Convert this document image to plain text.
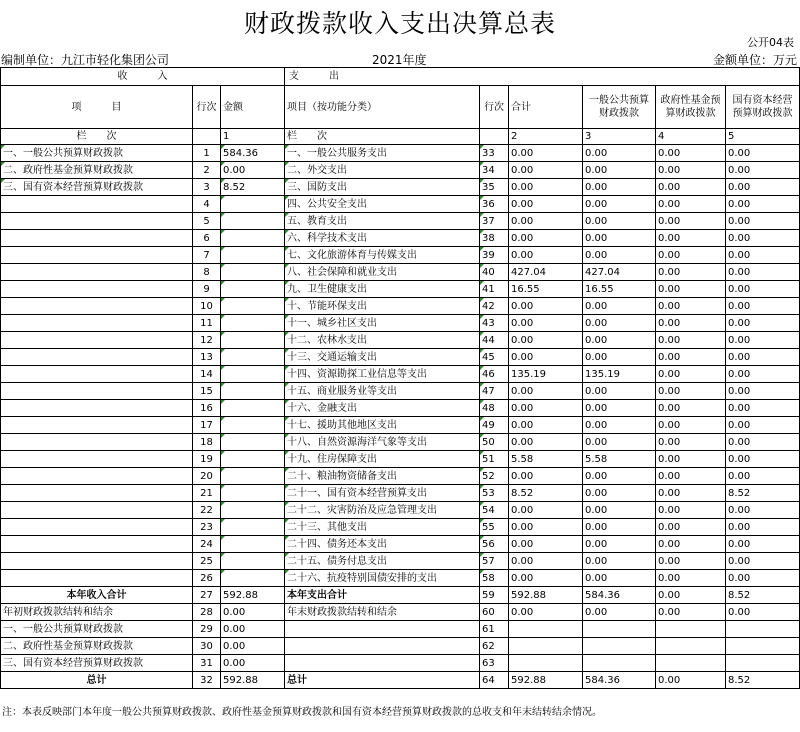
财政拨款收入支出决算总表
公开04表
编制单位：九江市轻化集团公司	2021年度	金额单位：万元
收　　　入			支　　　出					
项　　　目	行次	金额	项目（按功能分类）	行次	合计	一般公共预算财政拨款	政府性基金预算财政拨款	国有资本经营预算财政拨款
栏　　次		1	栏　　次		2	3	4	5
一、一般公共预算财政拨款	1	584.36	一、一般公共服务支出	33	0.00	0.00	0.00	0.00
二、政府性基金预算财政拨款	2	0.00	二、外交支出	34	0.00	0.00	0.00	0.00
三、国有资本经营预算财政拨款	3	8.52	三、国防支出	35	0.00	0.00	0.00	0.00
	4		四、公共安全支出	36	0.00	0.00	0.00	0.00
	5		五、教育支出	37	0.00	0.00	0.00	0.00
	6		六、科学技术支出	38	0.00	0.00	0.00	0.00
	7		七、文化旅游体育与传媒支出	39	0.00	0.00	0.00	0.00
	8		八、社会保障和就业支出	40	427.04	427.04	0.00	0.00
	9		九、卫生健康支出	41	16.55	16.55	0.00	0.00
	10		十、节能环保支出	42	0.00	0.00	0.00	0.00
	11		十一、城乡社区支出	43	0.00	0.00	0.00	0.00
	12		十二、农林水支出	44	0.00	0.00	0.00	0.00
	13		十三、交通运输支出	45	0.00	0.00	0.00	0.00
	14		十四、资源勘探工业信息等支出	46	135.19	135.19	0.00	0.00
	15		十五、商业服务业等支出	47	0.00	0.00	0.00	0.00
	16		十六、金融支出	48	0.00	0.00	0.00	0.00
	17		十七、援助其他地区支出	49	0.00	0.00	0.00	0.00
	18		十八、自然资源海洋气象等支出	50	0.00	0.00	0.00	0.00
	19		十九、住房保障支出	51	5.58	5.58	0.00	0.00
	20		二十、粮油物资储备支出	52	0.00	0.00	0.00	0.00
	21		二十一、国有资本经营预算支出	53	8.52	0.00	0.00	8.52
	22		二十二、灾害防治及应急管理支出	54	0.00	0.00	0.00	0.00
	23		二十三、其他支出	55	0.00	0.00	0.00	0.00
	24		二十四、债务还本支出	56	0.00	0.00	0.00	0.00
	25		二十五、债务付息支出	57	0.00	0.00	0.00	0.00
	26		二十六、抗疫特别国债安排的支出	58	0.00	0.00	0.00	0.00
本年收入合计	27	592.88	本年支出合计	59	592.88	584.36	0.00	8.52
年初财政拨款结转和结余	28	0.00	年末财政拨款结转和结余	60	0.00	0.00	0.00	0.00
一、一般公共预算财政拨款	29	0.00		61				
二、政府性基金预算财政拨款	30	0.00		62				
三、国有资本经营预算财政拨款	31	0.00		63				
总计	32	592.88	总计	64	592.88	584.36	0.00	8.52
注：本表反映部门本年度一般公共预算财政拨款、政府性基金预算财政拨款和国有资本经营预算财政拨款的总收支和年末结转结余情况。
